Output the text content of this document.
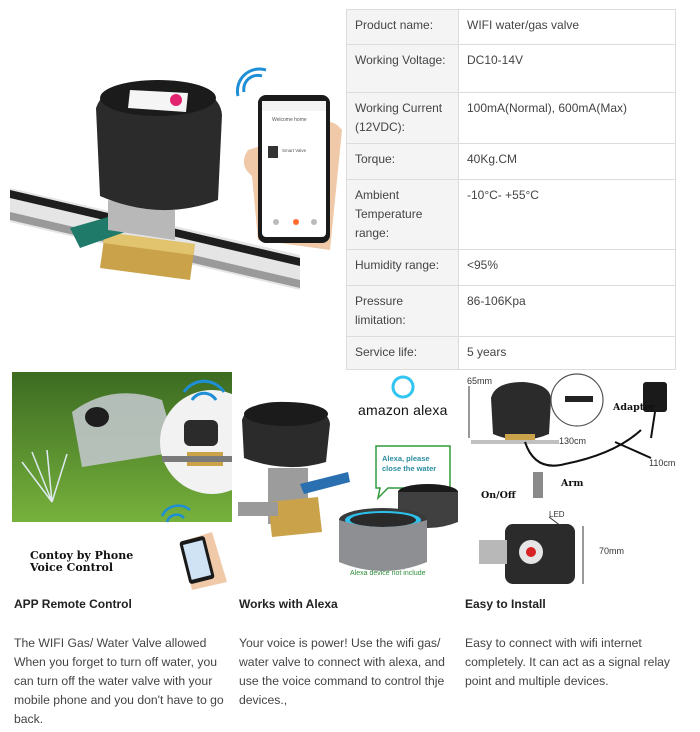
Welcome home
Smart Valve
Product name:	WIFI water/gas valve
Working Voltage:	DC10-14V
Working Current (12VDC):	100mA(Normal), 600mA(Max)
Torque:	40Kg.CM
Ambient Temperature range:	-10°C- +55°C
Humidity range:	<95%
Pressure limitation:	86-106Kpa
Service life:	5 years
Contoy by Phone
Voice Control
amazon alexa
Alexa, please close the water
Alexa device not include
65mm
Adapter
130cm
110cm
Arm
On/Off
LED
70mm
APP Remote Control	Works with Alexa	Easy to Install
The WIFI Gas/ Water Valve allowed When you forget to turn off water, you can turn off the water valve with your mobile phone and you don't have to go back.
Your voice is power! Use the wifi gas/ water valve to connect with alexa, and use the voice command to control thje devices.,
Easy to connect with wifi internet completely. It can act as a signal relay point and multiple devices.
